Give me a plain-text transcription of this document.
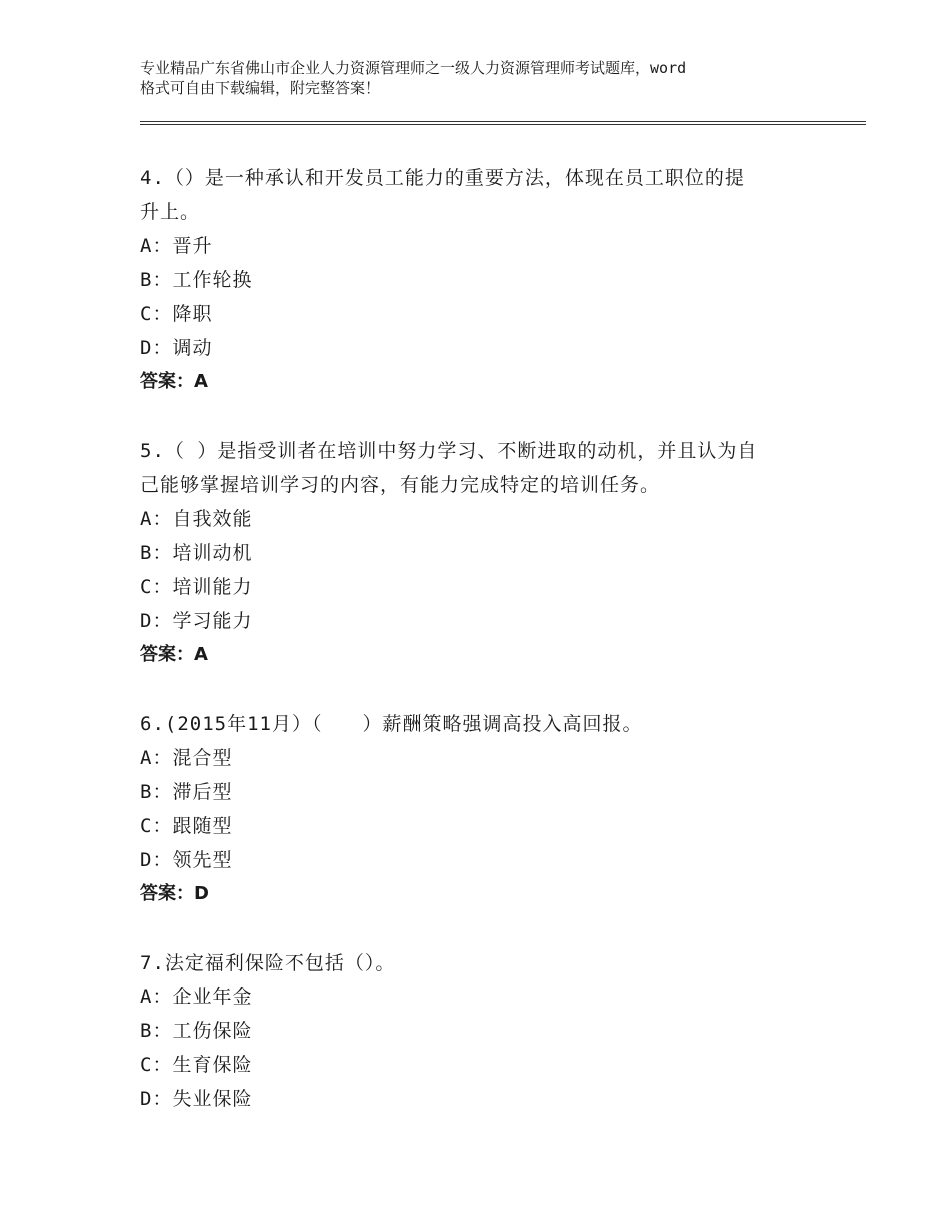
专业精品广东省佛山市企业人力资源管理师之一级人力资源管理师考试题库，word
格式可自由下载编辑，附完整答案！
4.（）是一种承认和开发员工能力的重要方法，体现在员工职位的提
升上。
A：晋升
B：工作轮换
C：降职
D：调动
答案：A
5.（ ）是指受训者在培训中努力学习、不断进取的动机，并且认为自
己能够掌握培训学习的内容，有能力完成特定的培训任务。
A：自我效能
B：培训动机
C：培训能力
D：学习能力
答案：A
6.(2015年11月）（　　）薪酬策略强调高投入高回报。
A：混合型
B：滞后型
C：跟随型
D：领先型
答案：D
7.法定福利保险不包括（）。
A：企业年金
B：工伤保险
C：生育保险
D：失业保险
